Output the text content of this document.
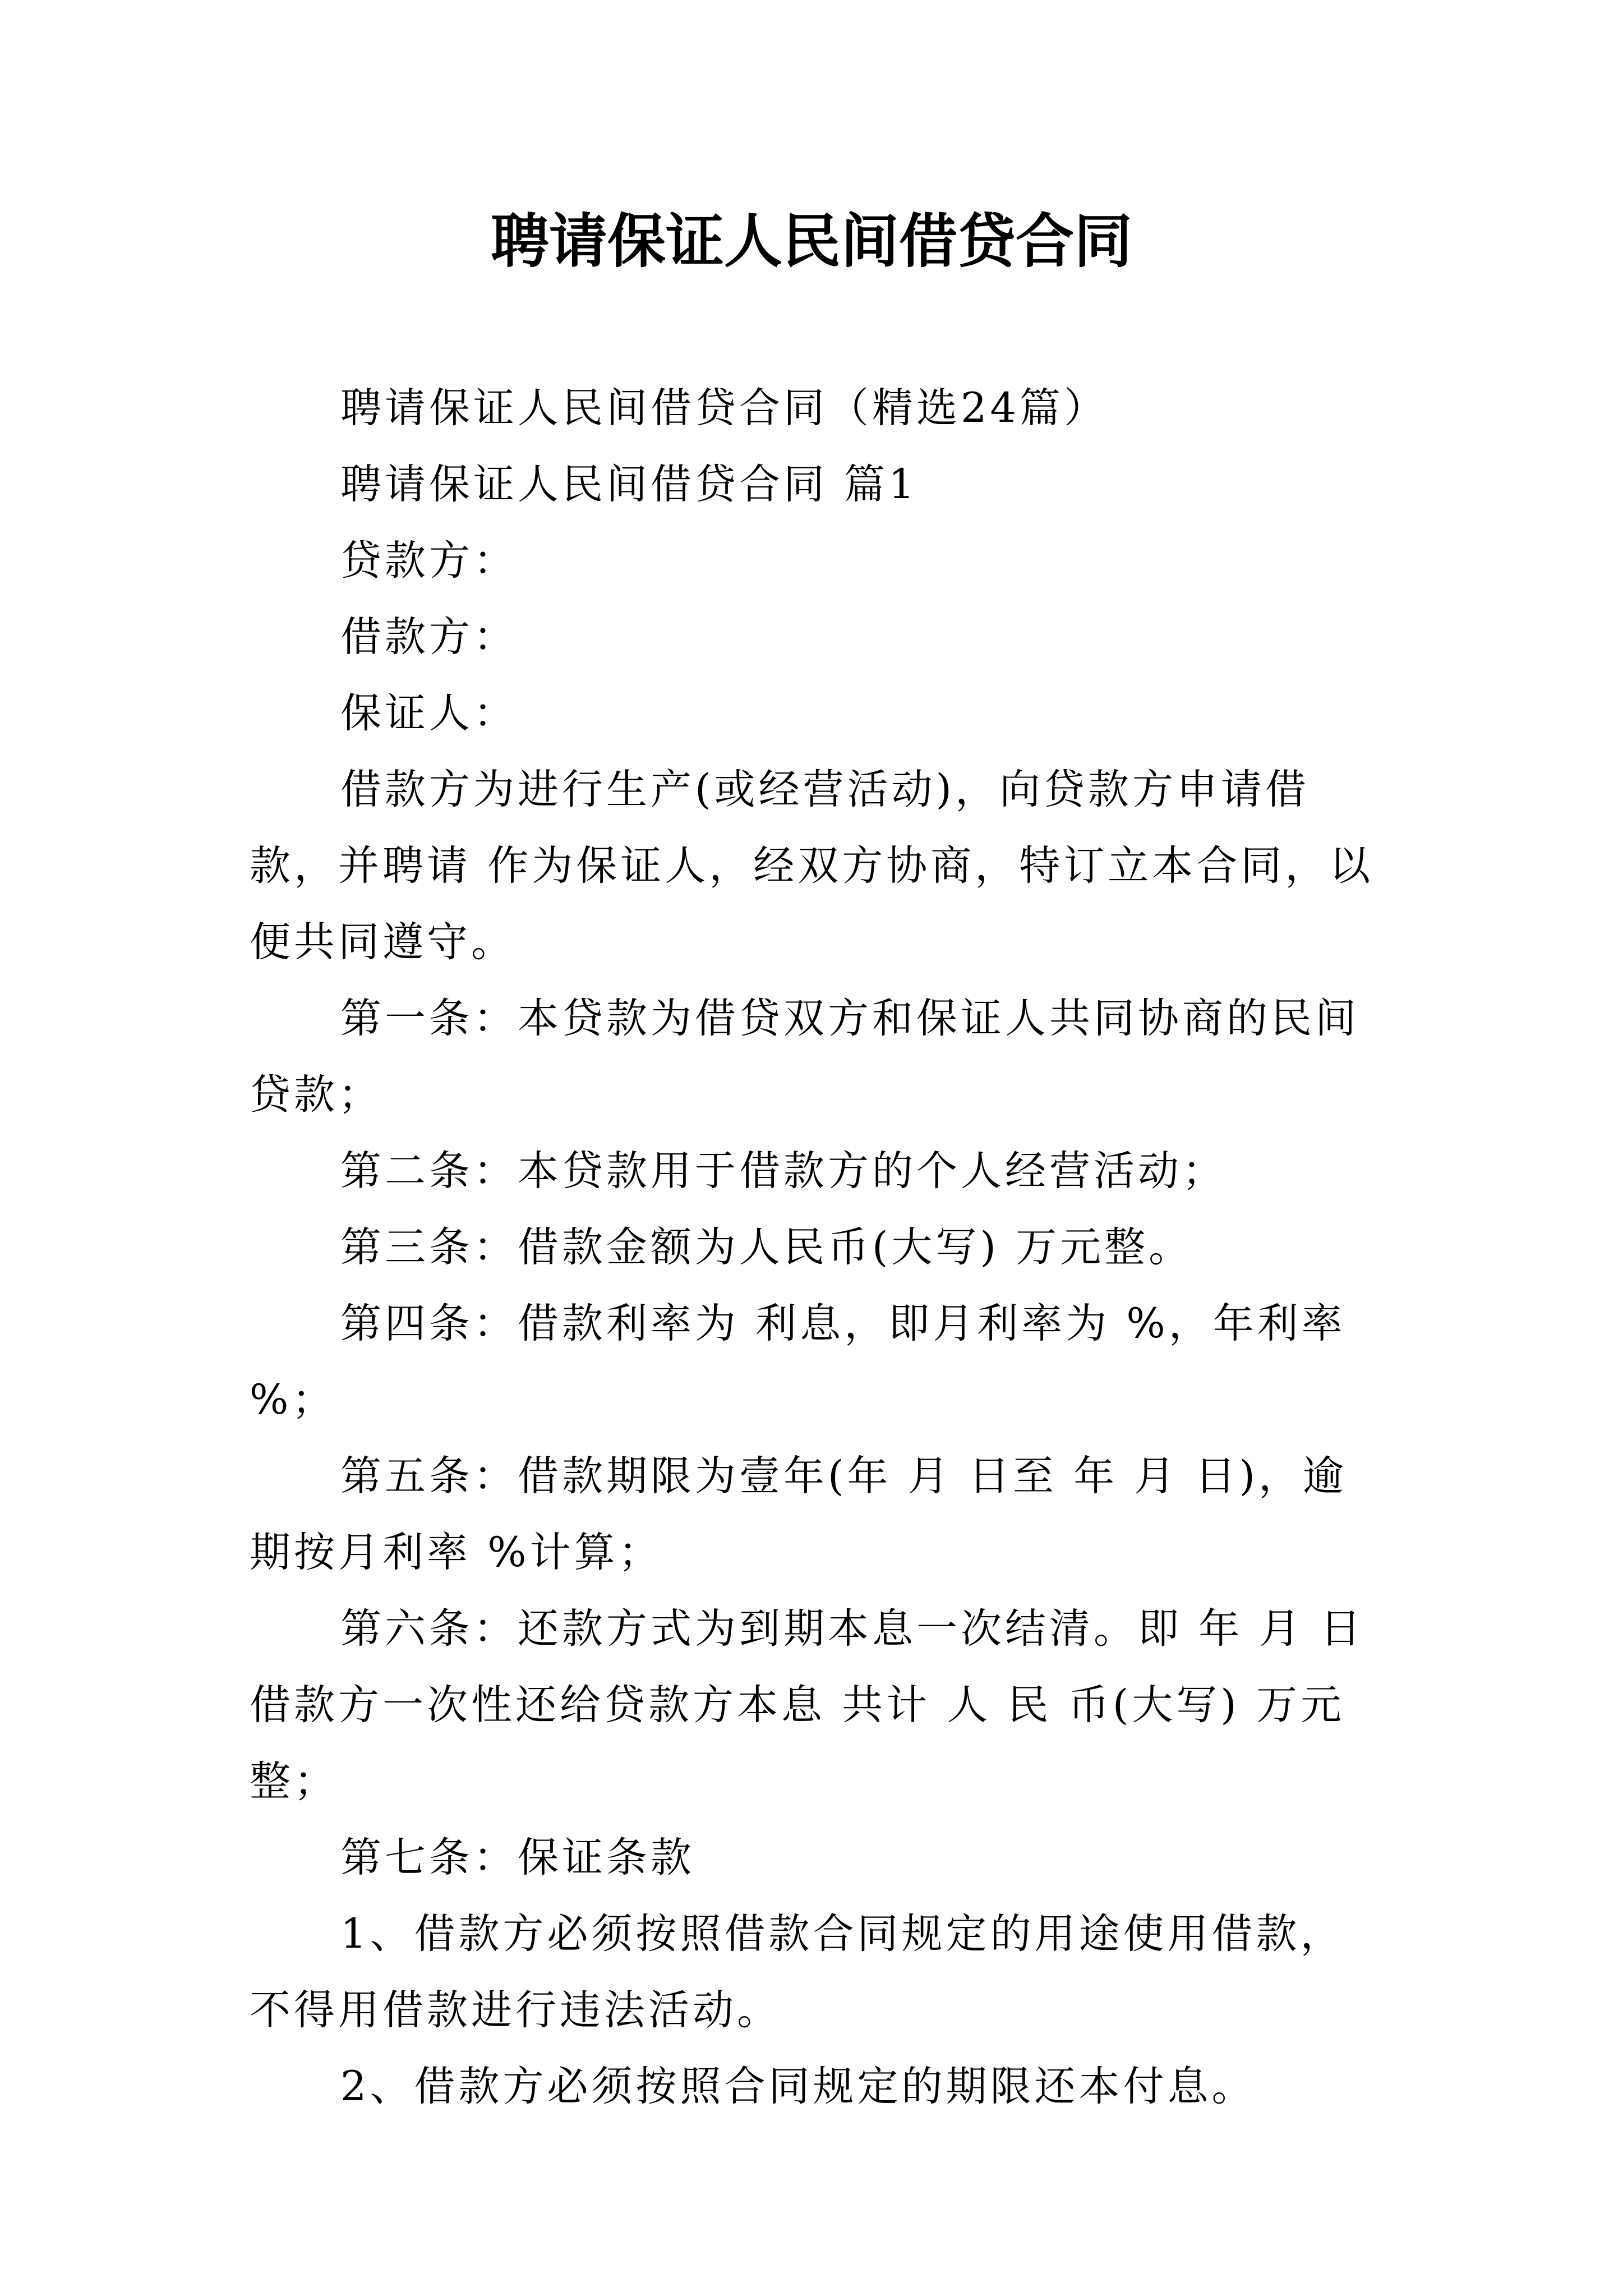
聘请保证人民间借贷合同

聘请保证人民间借贷合同（精选24篇）

聘请保证人民间借贷合同 篇1

贷款方：

借款方：

保证人：

借款方为进行生产(或经营活动)，向贷款方申请借款，并聘请 作为保证人，经双方协商，特订立本合同，以便共同遵守。

第一条：本贷款为借贷双方和保证人共同协商的民间贷款；

第二条：本贷款用于借款方的个人经营活动；

第三条：借款金额为人民币(大写) 万元整。

第四条：借款利率为 利息，即月利率为 %，年利率 %；

第五条：借款期限为壹年(年 月 日至 年 月 日)，逾期按月利率 %计算；

第六条：还款方式为到期本息一次结清。即 年 月 日借款方一次性还给贷款方本息 共计 人 民 币(大写) 万元整；

第七条：保证条款

1、借款方必须按照借款合同规定的用途使用借款，不得用借款进行违法活动。

2、借款方必须按照合同规定的期限还本付息。
